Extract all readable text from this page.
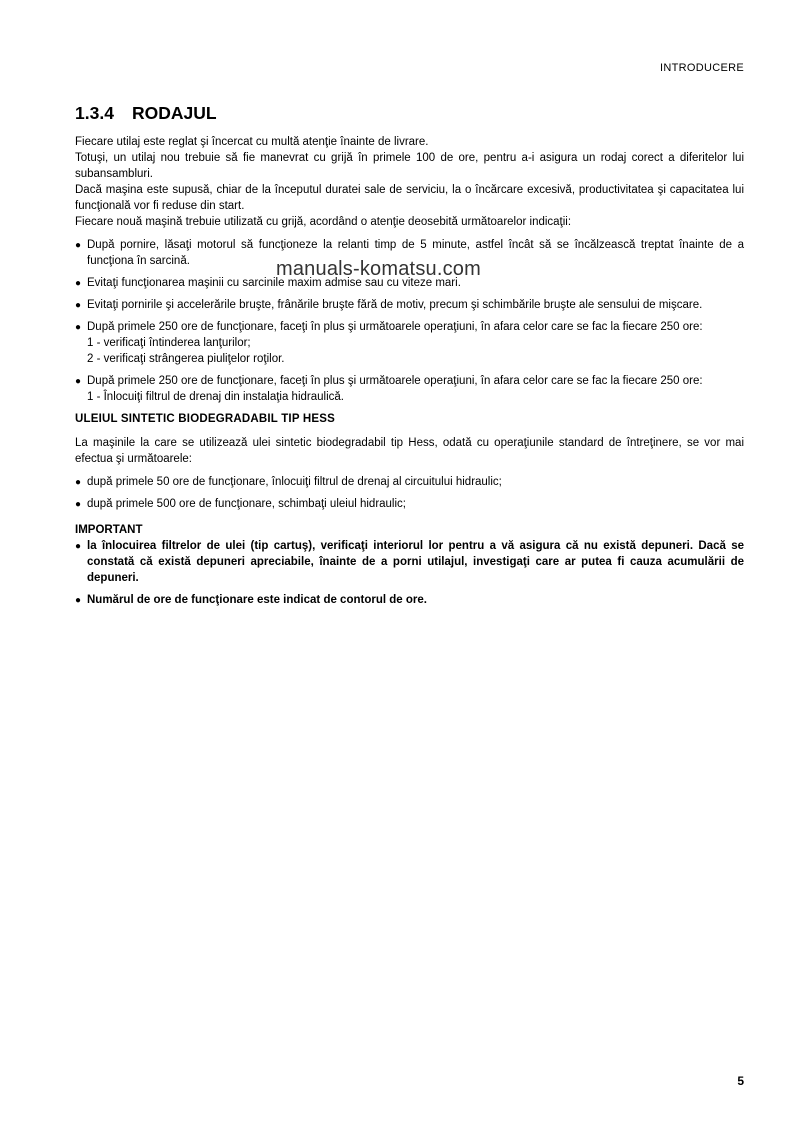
INTRODUCERE
1.3.4 RODAJUL

Fiecare utilaj este reglat şi încercat cu multă atenţie înainte de livrare.

Totuşi, un utilaj nou trebuie să fie manevrat cu grijă în primele 100 de ore, pentru a-i asigura un rodaj corect a diferitelor lui subansambluri.

Dacă maşina este supusă, chiar de la începutul duratei sale de serviciu, la o încărcare excesivă, productivitatea şi capacitatea lui funcţională vor fi reduse din start.

Fiecare nouă maşină trebuie utilizată cu grijă, acordând o atenţie deosebită următoarelor indicaţii:

● După pornire, lăsaţi motorul să funcţioneze la relanti timp de 5 minute, astfel încât să se încălzească treptat înainte de a funcţiona în sarcină.
● Evitaţi funcţionarea maşinii cu sarcinile maxim admise sau cu viteze mari.
● Evitaţi pornirile şi accelerările bruşte, frânările bruşte fără de motiv, precum şi schimbările bruşte ale sensului de mişcare.
● După primele 250 ore de funcţionare, faceţi în plus şi următoarele operaţiuni, în afara celor care se fac la fiecare 250 ore:
1 - verificaţi întinderea lanţurilor;
2 - verificaţi strângerea piuliţelor roţilor.
● După primele 250 ore de funcţionare, faceţi în plus şi următoarele operaţiuni, în afara celor care se fac la fiecare 250 ore:
1 - Înlocuiţi filtrul de drenaj din instalaţia hidraulică.
ULEIUL SINTETIC BIODEGRADABIL TIP HESS

La maşinile la care se utilizează ulei sintetic biodegradabil tip Hess, odată cu operaţiunile standard de întreţinere, se vor mai efectua şi următoarele:

● după primele 50 ore de funcţionare, înlocuiţi filtrul de drenaj al circuitului hidraulic;
● după primele 500 ore de funcţionare, schimbaţi uleiul hidraulic;
IMPORTANT
● la înlocuirea filtrelor de ulei (tip cartuş), verificaţi interiorul lor pentru a vă asigura că nu există depuneri. Dacă se constată că există depuneri apreciabile, înainte de a porni utilajul, investigaţi care ar putea fi cauza acumulării de depuneri.
● Numărul de ore de funcţionare este indicat de contorul de ore.
manuals-komatsu.com
5
